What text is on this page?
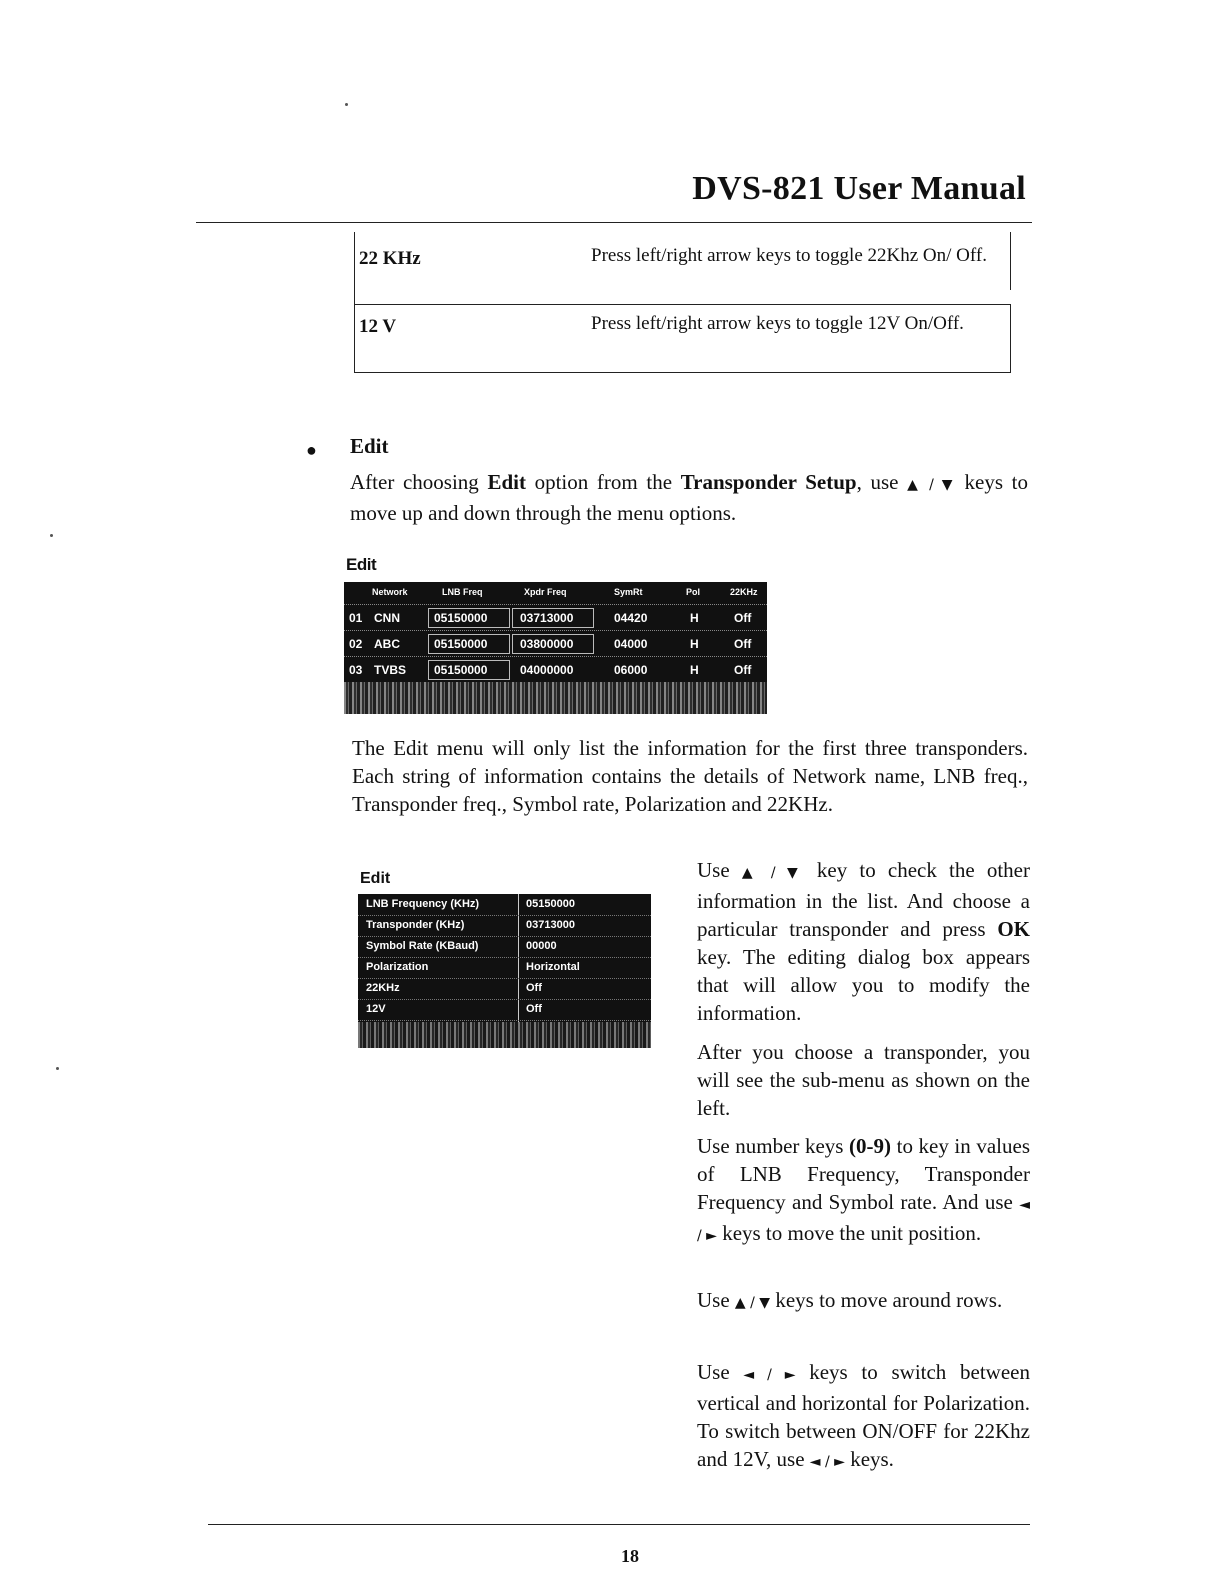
DVS-821 User Manual
22 KHz	Press left/right arrow keys to toggle 22Khz On/ Off.
12 V	Press left/right arrow keys to toggle 12V On/Off.
● Edit
After choosing Edit option from the Transponder Setup, use ▲ / ▼ keys to move up and down through the menu options.
Edit
Network	LNB Freq	Xpdr Freq	SymRt	Pol	22KHz
01 CNN	05150000	03713000	04420	H	Off
02 ABC	05150000	03800000	04000	H	Off
03 TVBS 05150000	04000000	06000	H	Off
The Edit menu will only list the information for the first three transponders. Each string of information contains the details of Network name, LNB freq., Transponder freq., Symbol rate, Polarization and 22KHz.
Edit
LNB Frequency (KHz)	05150000
Transponder (KHz)	03713000
Symbol Rate (KBaud)	00000
Polarization	Horizontal
22KHz	Off
12V	Off
Use ▲ / ▼ key to check the other information in the list. And choose a particular transponder and press OK key. The editing dialog box appears that will allow you to modify the information.
After you choose a transponder, you will see the sub-menu as shown on the left.
Use number keys (0-9) to key in values of LNB Frequency, Transponder Frequency and Symbol rate. And use ◄ / ► keys to move the unit position.
Use ▲ / ▼ keys to move around rows.
Use ◄ / ► keys to switch between vertical and horizontal for Polarization. To switch between ON/OFF for 22Khz and 12V, use ◄ / ► keys.
18
